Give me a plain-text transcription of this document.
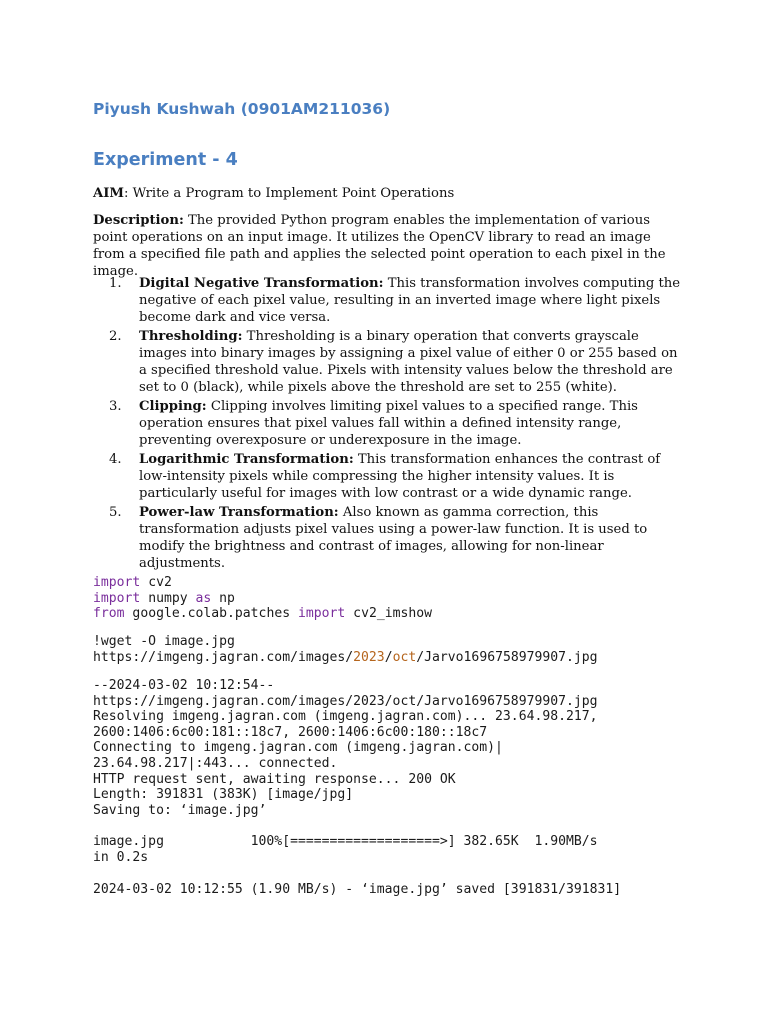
Piyush Kushwah (0901AM211036)
Experiment - 4
AIM: Write a Program to Implement Point Operations

Description: The provided Python program enables the implementation of various point operations on an input image. It utilizes the OpenCV library to read an image from a specified file path and applies the selected point operation to each pixel in the image.

1. Digital Negative Transformation: This transformation involves computing the negative of each pixel value, resulting in an inverted image where light pixels become dark and vice versa.
2. Thresholding: Thresholding is a binary operation that converts grayscale images into binary images by assigning a pixel value of either 0 or 255 based on a specified threshold value. Pixels with intensity values below the threshold are set to 0 (black), while pixels above the threshold are set to 255 (white).
3. Clipping: Clipping involves limiting pixel values to a specified range. This operation ensures that pixel values fall within a defined intensity range, preventing overexposure or underexposure in the image.
4. Logarithmic Transformation: This transformation enhances the contrast of low-intensity pixels while compressing the higher intensity values. It is particularly useful for images with low contrast or a wide dynamic range.
5. Power-law Transformation: Also known as gamma correction, this transformation adjusts pixel values using a power-law function. It is used to modify the brightness and contrast of images, allowing for non-linear adjustments.
import cv2
import numpy as np
from google.colab.patches import cv2_imshow
!wget -O image.jpg
https://imgeng.jagran.com/images/2023/oct/Jarvo1696758979907.jpg
--2024-03-02 10:12:54--
https://imgeng.jagran.com/images/2023/oct/Jarvo1696758979907.jpg
Resolving imgeng.jagran.com (imgeng.jagran.com)... 23.64.98.217,
2600:1406:6c00:181::18c7, 2600:1406:6c00:180::18c7
Connecting to imgeng.jagran.com (imgeng.jagran.com)|
23.64.98.217|:443... connected.
HTTP request sent, awaiting response... 200 OK
Length: 391831 (383K) [image/jpg]
Saving to: ‘image.jpg’
image.jpg           100%[===================>] 382.65K  1.90MB/s
in 0.2s
2024-03-02 10:12:55 (1.90 MB/s) - ‘image.jpg’ saved [391831/391831]
